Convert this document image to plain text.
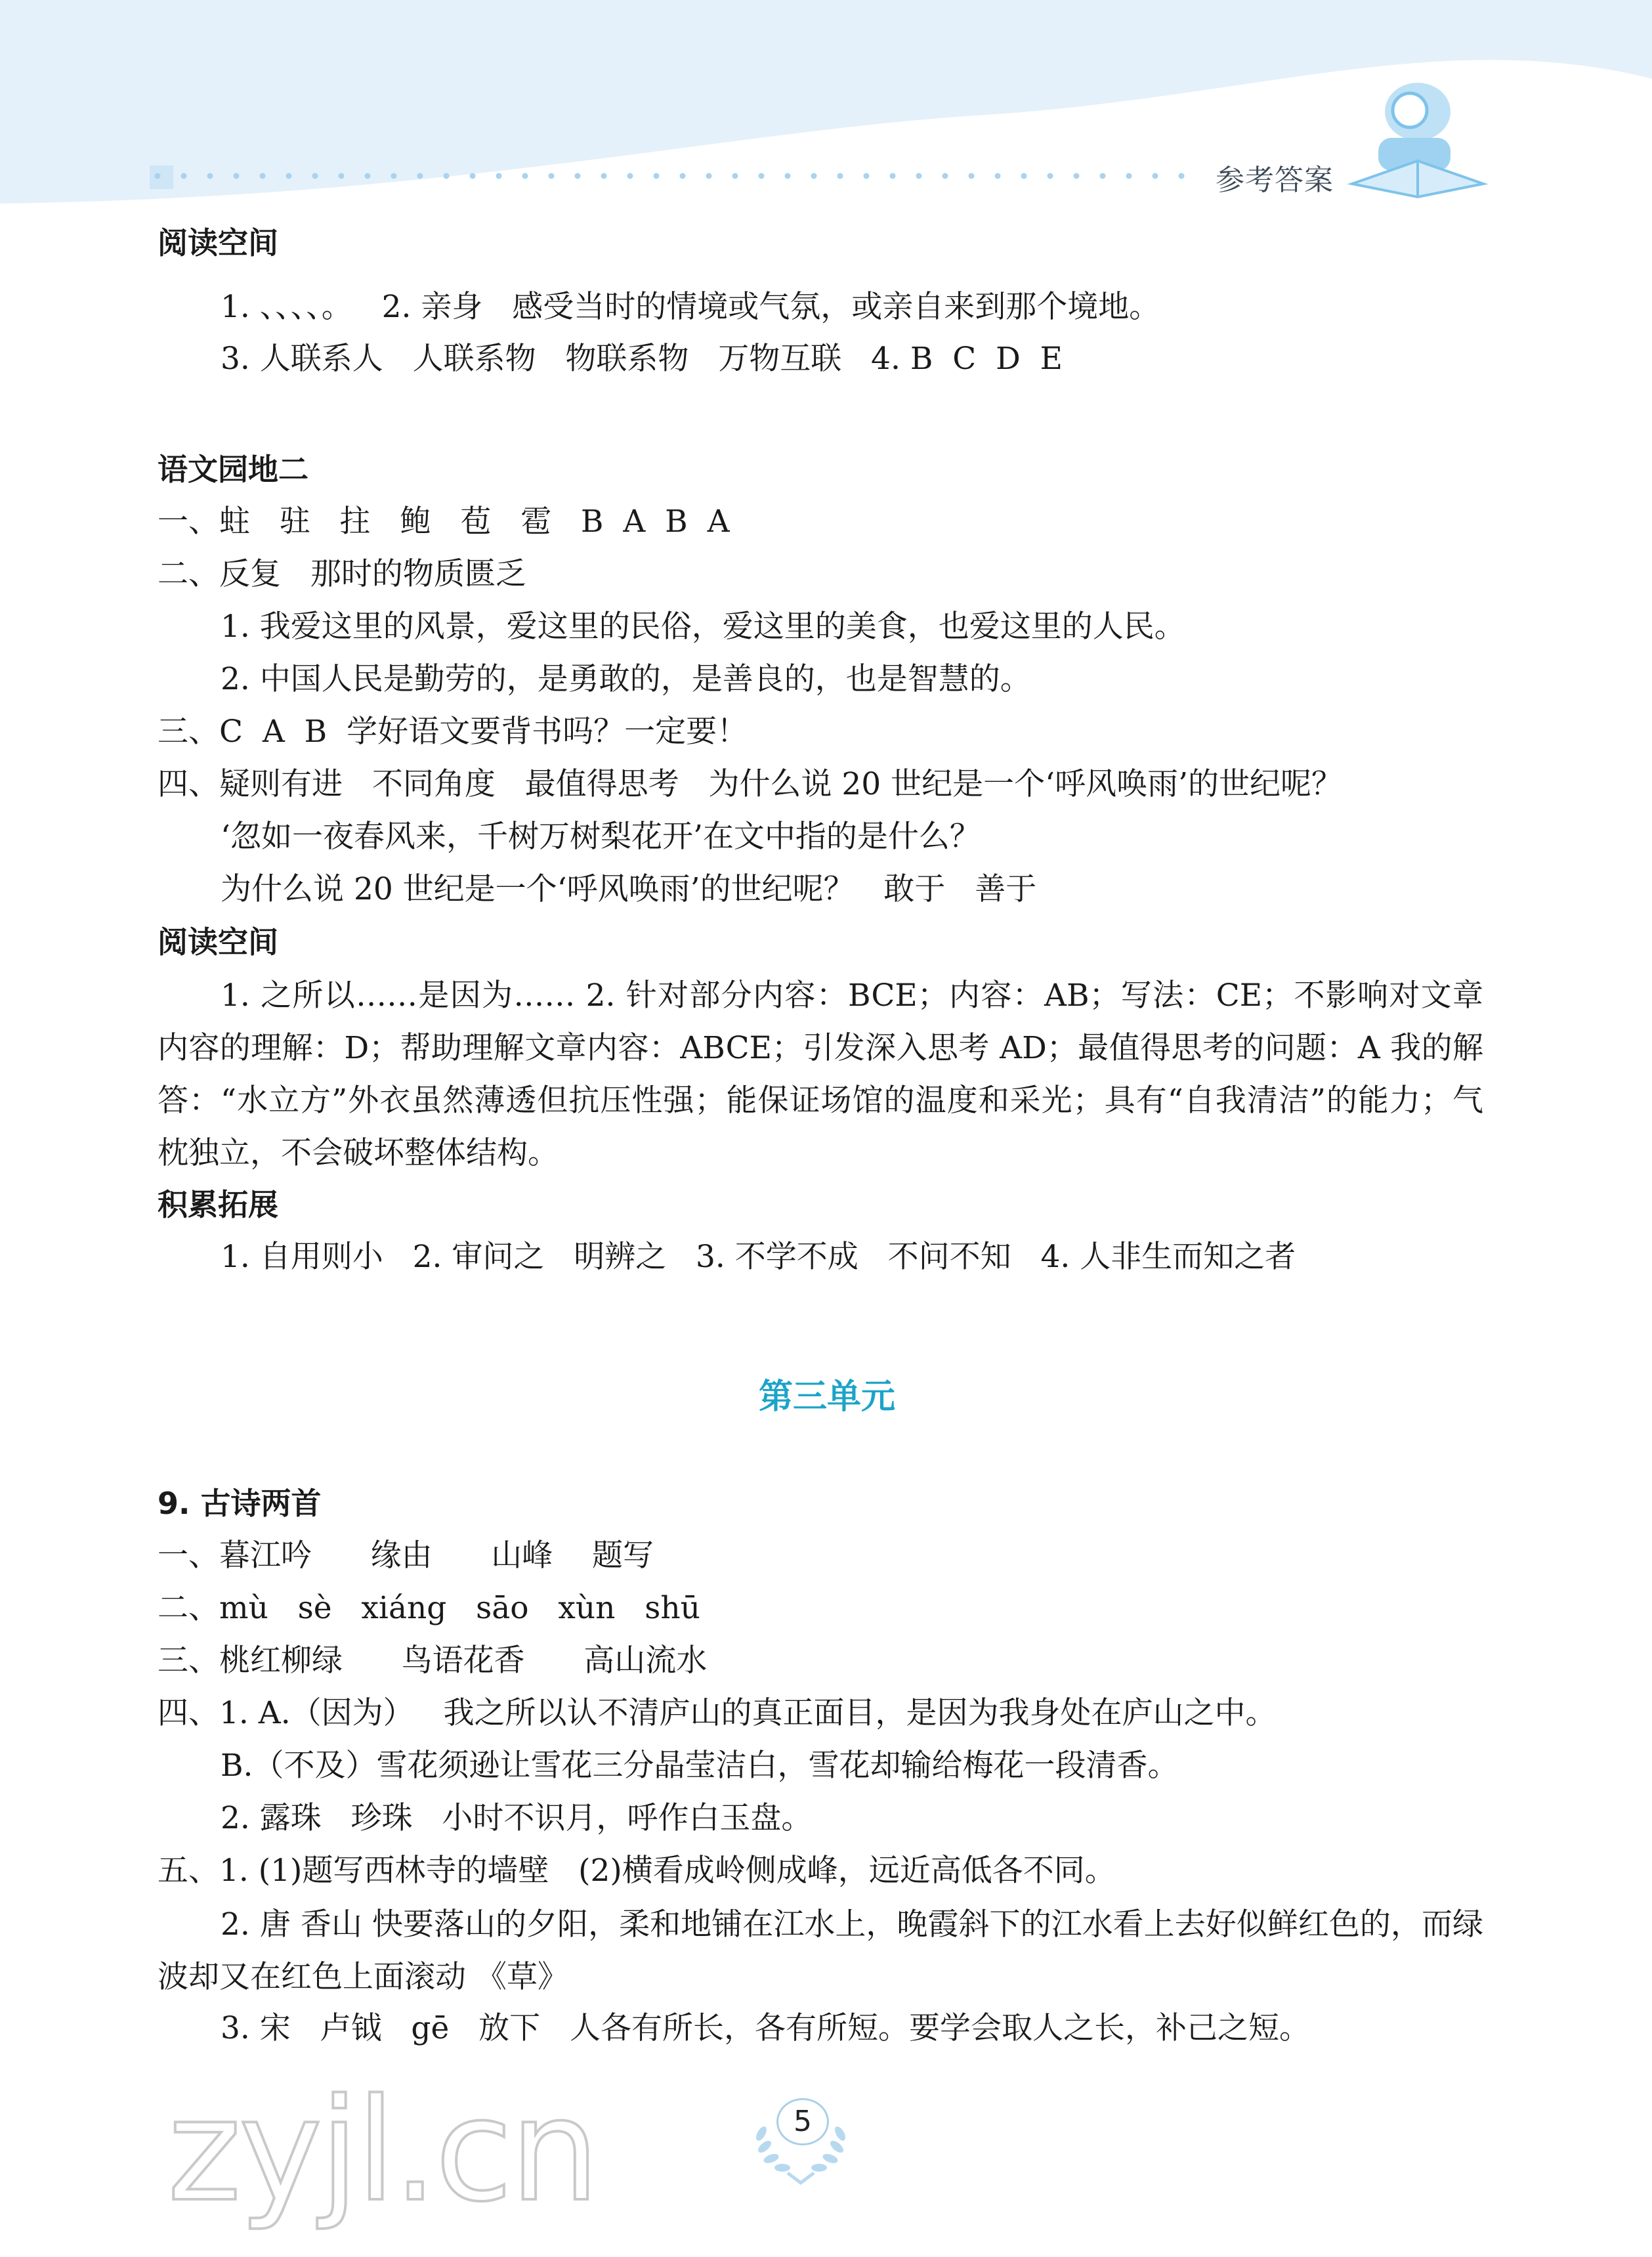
参考答案
阅读空间
1. 、、、、。   2. 亲身   感受当时的情境或气氛，或亲自来到那个境地。
3. 人联系人   人联系物   物联系物   万物互联   4. B  C  D  E
语文园地二
一、蛀   驻   拄   鲍   苞   雹   B  A  B  A
二、反复   那时的物质匮乏
1. 我爱这里的风景，爱这里的民俗，爱这里的美食，也爱这里的人民。
2. 中国人民是勤劳的，是勇敢的，是善良的，也是智慧的。
三、C  A  B  学好语文要背书吗？一定要！
四、疑则有进   不同角度   最值得思考   为什么说 20 世纪是一个‘呼风唤雨’的世纪呢？
‘忽如一夜春风来，千树万树梨花开’在文中指的是什么？
为什么说 20 世纪是一个‘呼风唤雨’的世纪呢？   敢于   善于
阅读空间
1. 之所以……是因为…… 2. 针对部分内容：BCE；内容：AB；写法：CE；不影响对文章内容的理解：D；帮助理解文章内容：ABCE；引发深入思考 AD；最值得思考的问题：A 我的解答：“水立方”外衣虽然薄透但抗压性强；能保证场馆的温度和采光；具有“自我清洁”的能力；气枕独立，不会破坏整体结构。
积累拓展
1. 自用则小   2. 审问之   明辨之   3. 不学不成   不问不知   4. 人非生而知之者
第三单元
9. 古诗两首
一、暮江吟      缘由      山峰    题写
二、mù   sè   xiáng   sāo   xùn   shū
三、桃红柳绿      鸟语花香      高山流水
四、1. A.（因为）   我之所以认不清庐山的真正面目，是因为我身处在庐山之中。
B.（不及）雪花须逊让雪花三分晶莹洁白，雪花却输给梅花一段清香。
2. 露珠   珍珠   小时不识月，呼作白玉盘。
五、1. (1)题写西林寺的墙壁   (2)横看成岭侧成峰，远近高低各不同。
2. 唐 香山 快要落山的夕阳，柔和地铺在江水上，晚霞斜下的江水看上去好似鲜红色的，而绿波却又在红色上面滚动 《草》
3. 宋   卢钺   gē   放下   人各有所长，各有所短。要学会取人之长，补己之短。
zyjl.cn	5
